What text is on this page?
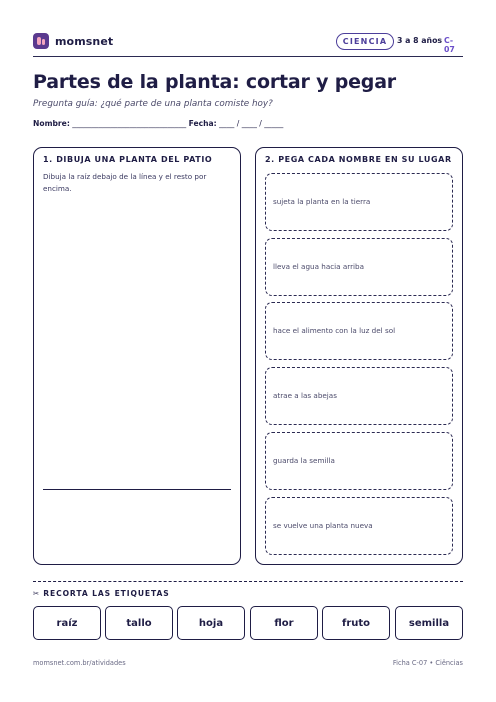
momsnet	CIENCIA	3 a 8 años C-07
Partes de la planta: cortar y pegar
Pregunta guía: ¿qué parte de una planta comiste hoy?
Nombre: ______________________________ Fecha: ____ / ____ / _____
1. DIBUJA UNA PLANTA DEL PATIO
Dibuja la raíz debajo de la línea y el resto por encima.
2. PEGA CADA NOMBRE EN SU LUGAR
sujeta la planta en la tierra
lleva el agua hacia arriba
hace el alimento con la luz del sol
atrae a las abejas
guarda la semilla
se vuelve una planta nueva
✂ RECORTA LAS ETIQUETAS
raíz	tallo	hoja	flor	fruto	semilla
momsnet.com.br/atividades	Ficha C-07 • Ciências
